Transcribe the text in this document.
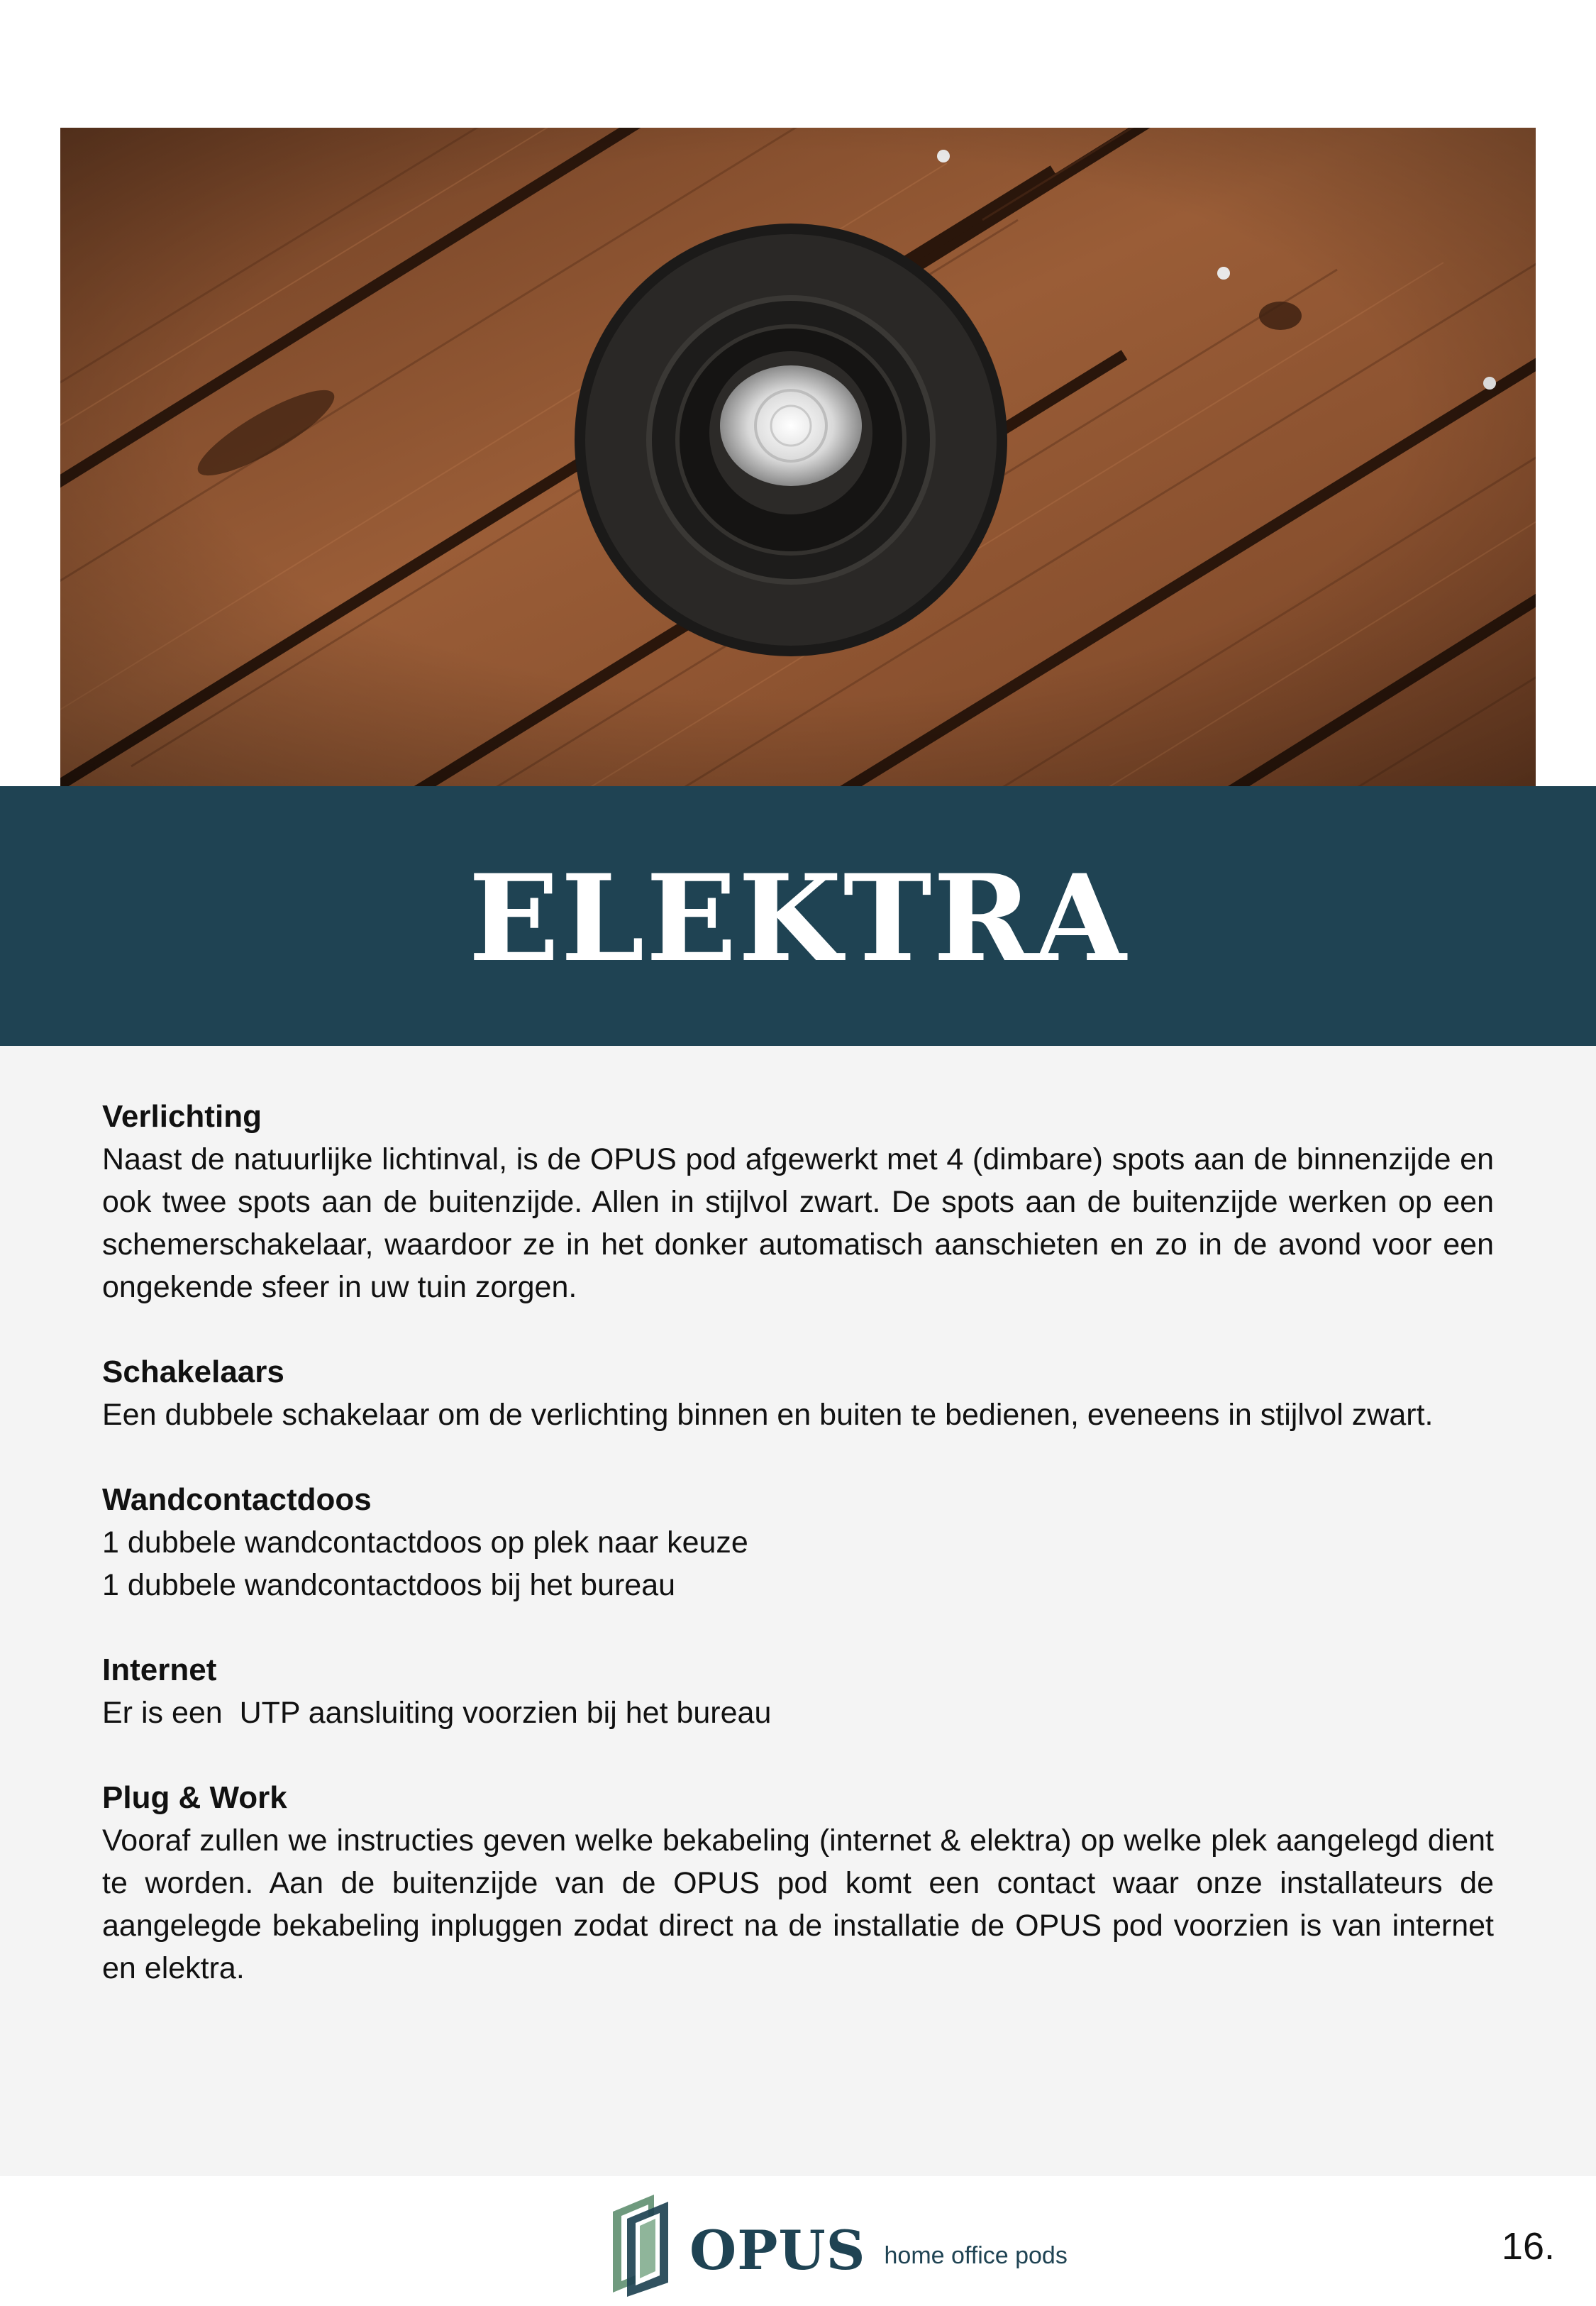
ELEKTRA
Verlichting

Naast de natuurlijke lichtinval, is de OPUS pod afgewerkt met 4 (dimbare) spots aan de binnenzijde en ook twee spots aan de buitenzijde. Allen in stijlvol zwart. De spots aan de buitenzijde werken op een schemerschakelaar, waardoor ze in het donker automatisch aanschieten en zo in de avond voor een ongekende sfeer in uw tuin zorgen.

Schakelaars

Een dubbele schakelaar om de verlichting binnen en buiten te bedienen, eveneens in stijlvol zwart.

Wandcontactdoos

1 dubbele wandcontactdoos op plek naar keuze
1 dubbele wandcontactdoos bij het bureau

Internet

Er is een  UTP aansluiting voorzien bij het bureau

Plug & Work

Vooraf zullen we instructies geven welke bekabeling (internet & elektra) op welke plek aangelegd dient te worden. Aan de buitenzijde van de OPUS pod komt een contact waar onze installateurs de aangelegde bekabeling inpluggen zodat direct na de installatie de OPUS pod voorzien is van internet en elektra.

OPUS home office pods	16.
